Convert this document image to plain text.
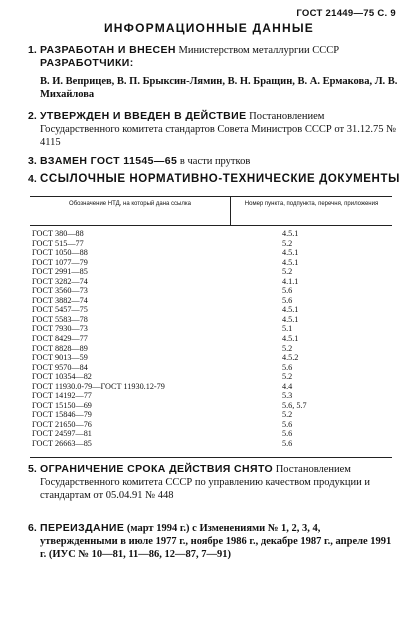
ГОСТ 21449—75 С. 9
ИНФОРМАЦИОННЫЕ ДАННЫЕ
1. РАЗРАБОТАН И ВНЕСЕН Министерством металлургии СССР
РАЗРАБОТЧИКИ:
В. И. Веприцев, В. П. Брыксин-Лямин, В. Н. Бращин, В. А. Ермакова, Л. В. Михайлова
2. УТВЕРЖДЕН И ВВЕДЕН В ДЕЙСТВИЕ Постановлением Государственного комитета стандартов Совета Министров СССР от 31.12.75 № 4115
3. ВЗАМЕН ГОСТ 11545—65 в части прутков
4. ССЫЛОЧНЫЕ НОРМАТИВНО-ТЕХНИЧЕСКИЕ ДОКУМЕНТЫ
Обозначение НТД, на который дана ссылка	Номер пункта, подпункта, перечня, приложения
ГОСТ 380—88	4.5.1
ГОСТ 515—77	5.2
ГОСТ 1050—88	4.5.1
ГОСТ 1077—79	4.5.1
ГОСТ 2991—85	5.2
ГОСТ 3282—74	4.1.1
ГОСТ 3560—73	5.6
ГОСТ 3882—74	5.6
ГОСТ 5457—75	4.5.1
ГОСТ 5583—78	4.5.1
ГОСТ 7930—73	5.1
ГОСТ 8429—77	4.5.1
ГОСТ 8828—89	5.2
ГОСТ 9013—59	4.5.2
ГОСТ 9570—84	5.6
ГОСТ 10354—82	5.2
ГОСТ 11930.0-79—ГОСТ 11930.12-79	4.4
ГОСТ 14192—77	5.3
ГОСТ 15150—69	5.6, 5.7
ГОСТ 15846—79	5.2
ГОСТ 21650—76	5.6
ГОСТ 24597—81	5.6
ГОСТ 26663—85	5.6
5. ОГРАНИЧЕНИЕ СРОКА ДЕЙСТВИЯ СНЯТО Постановлением Государственного комитета СССР по управлению качеством продукции и стандартам от 05.04.91 № 448
6. ПЕРЕИЗДАНИЕ (март 1994 г.) с Изменениями № 1, 2, 3, 4, утвержденными в июле 1977 г., ноябре 1986 г., декабре 1987 г., апреле 1991 г. (ИУС № 10—81, 11—86, 12—87, 7—91)
